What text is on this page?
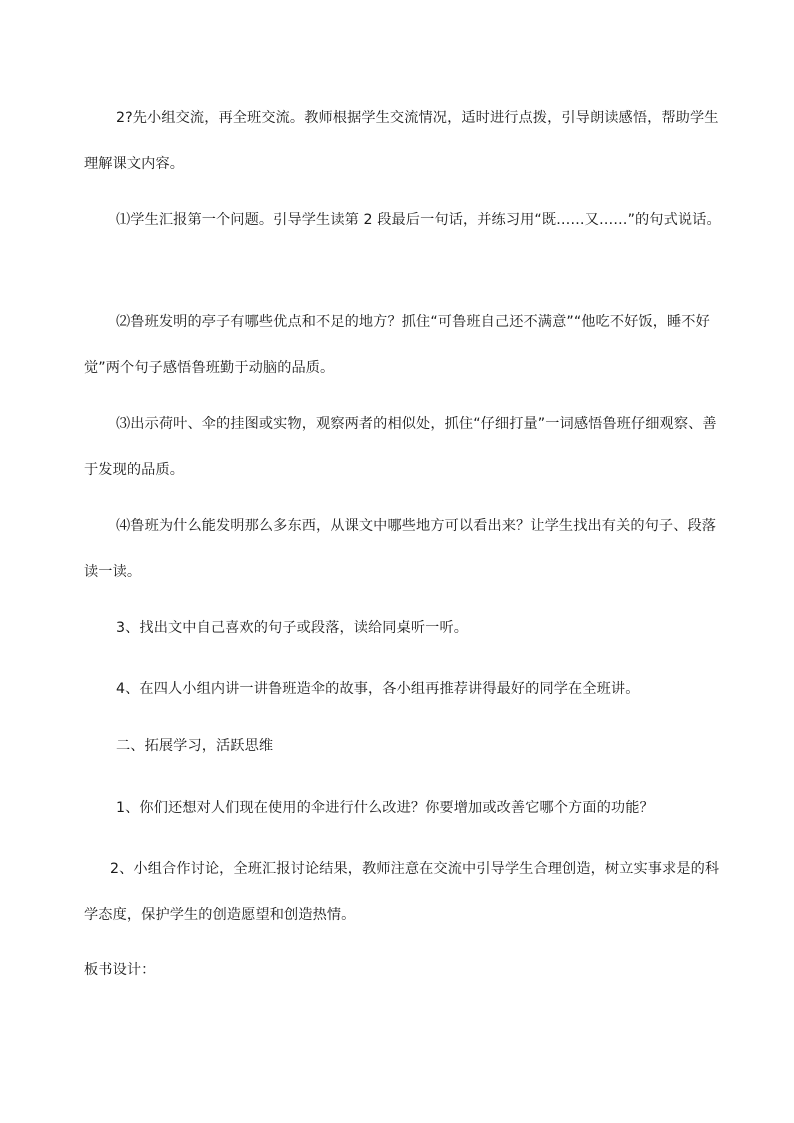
2?先小组交流，再全班交流。教师根据学生交流情况，适时进行点拨，引导朗读感悟，帮助学生理解课文内容。

⑴学生汇报第一个问题。引导学生读第 2 段最后一句话，并练习用“既……又……”的句式说话。

⑵鲁班发明的亭子有哪些优点和不足的地方？抓住“可鲁班自己还不满意”“他吃不好饭，睡不好觉”两个句子感悟鲁班勤于动脑的品质。

⑶出示荷叶、伞的挂图或实物，观察两者的相似处，抓住“仔细打量”一词感悟鲁班仔细观察、善于发现的品质。

⑷鲁班为什么能发明那么多东西，从课文中哪些地方可以看出来？让学生找出有关的句子、段落读一读。

3、找出文中自己喜欢的句子或段落，读给同桌听一听。

4、在四人小组内讲一讲鲁班造伞的故事，各小组再推荐讲得最好的同学在全班讲。

二、拓展学习，活跃思维

1、你们还想对人们现在使用的伞进行什么改进？你要增加或改善它哪个方面的功能？

2、小组合作讨论，全班汇报讨论结果，教师注意在交流中引导学生合理创造，树立实事求是的科学态度，保护学生的创造愿望和创造热情。

板书设计：
